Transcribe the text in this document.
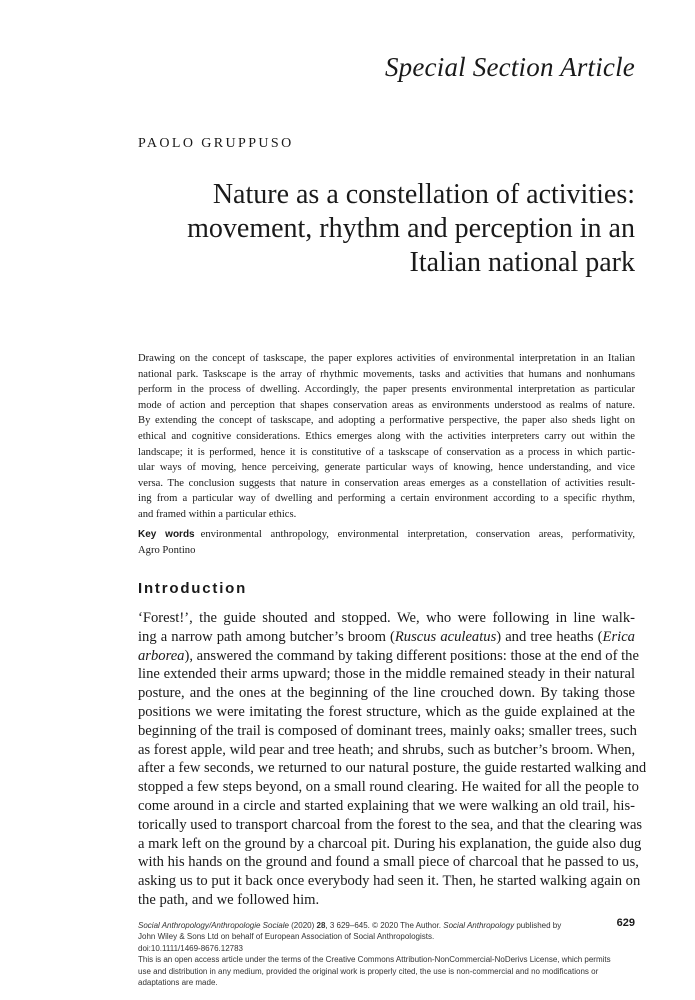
Special Section Article
PAOLO GRUPPUSO
Nature as a constellation of activities:
movement, rhythm and perception in an
Italian national park
Drawing on the concept of taskscape, the paper explores activities of environmental interpretation in an Italian
national park. Taskscape is the array of rhythmic movements, tasks and activities that humans and nonhumans
perform in the process of dwelling. Accordingly, the paper presents environmental interpretation as particular
mode of action and perception that shapes conservation areas as environments understood as realms of nature.
By extending the concept of taskscape, and adopting a performative perspective, the paper also sheds light on
ethical and cognitive considerations. Ethics emerges along with the activities interpreters carry out within the
landscape; it is performed, hence it is constitutive of a taskscape of conservation as a process in which partic-
ular ways of moving, hence perceiving, generate particular ways of knowing, hence understanding, and vice
versa. The conclusion suggests that nature in conservation areas emerges as a constellation of activities result-
ing from a particular way of dwelling and performing a certain environment according to a specific rhythm,
and framed within a particular ethics.
Key words environmental anthropology, environmental interpretation, conservation areas, performativity,
Agro Pontino
Introduction
‘Forest!’, the guide shouted and stopped. We, who were following in line walk-
ing a narrow path among butcher’s broom (Ruscus aculeatus) and tree heaths (Erica
arborea), answered the command by taking different positions: those at the end of the
line extended their arms upward; those in the middle remained steady in their natural
posture, and the ones at the beginning of the line crouched down. By taking those
positions we were imitating the forest structure, which as the guide explained at the
beginning of the trail is composed of dominant trees, mainly oaks; smaller trees, such
as forest apple, wild pear and tree heath; and shrubs, such as butcher’s broom. When,
after a few seconds, we returned to our natural posture, the guide restarted walking and
stopped a few steps beyond, on a small round clearing. He waited for all the people to
come around in a circle and started explaining that we were walking an old trail, his-
torically used to transport charcoal from the forest to the sea, and that the clearing was
a mark left on the ground by a charcoal pit. During his explanation, the guide also dug
with his hands on the ground and found a small piece of charcoal that he passed to us,
asking us to put it back once everybody had seen it. Then, he started walking again on
the path, and we followed him.
Social Anthropology/Anthropologie Sociale (2020) 28, 3 629–645. © 2020 The Author. Social Anthropology published by
John Wiley & Sons Ltd on behalf of European Association of Social Anthropologists.
doi:10.1111/1469-8676.12783
This is an open access article under the terms of the Creative Commons Attribution-NonCommercial-NoDerivs License, which permits
use and distribution in any medium, provided the original work is properly cited, the use is non-commercial and no modifications or
adaptations are made.
629
